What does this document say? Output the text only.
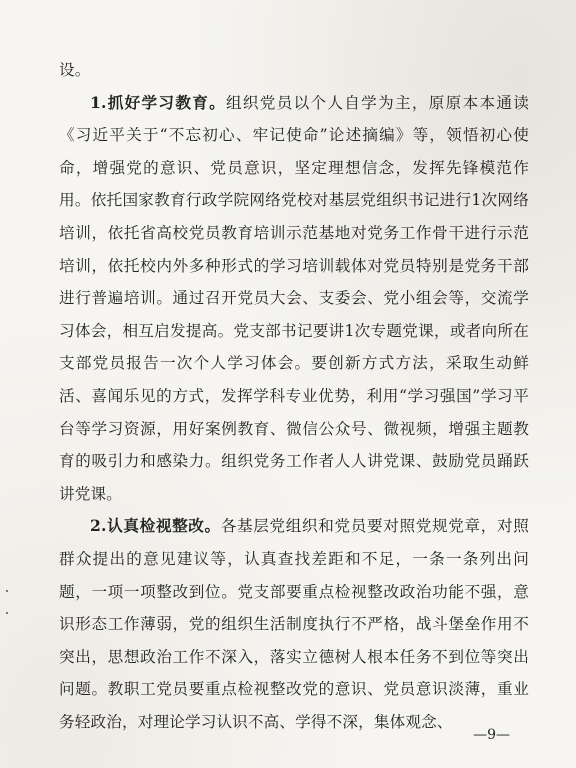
设。

1.抓好学习教育。组织党员以个人自学为主，原原本本通读《习近平关于“不忘初心、牢记使命”论述摘编》等，领悟初心使命，增强党的意识、党员意识，坚定理想信念，发挥先锋模范作用。依托国家教育行政学院网络党校对基层党组织书记进行1次网络培训，依托省高校党员教育培训示范基地对党务工作骨干进行示范培训，依托校内外多种形式的学习培训载体对党员特别是党务干部进行普遍培训。通过召开党员大会、支委会、党小组会等，交流学习体会，相互启发提高。党支部书记要讲1次专题党课，或者向所在支部党员报告一次个人学习体会。要创新方式方法，采取生动鲜活、喜闻乐见的方式，发挥学科专业优势，利用“学习强国”学习平台等学习资源，用好案例教育、微信公众号、微视频，增强主题教育的吸引力和感染力。组织党务工作者人人讲党课、鼓励党员踊跃讲党课。

2.认真检视整改。各基层党组织和党员要对照党规党章，对照群众提出的意见建议等，认真查找差距和不足，一条一条列出问题，一项一项整改到位。党支部要重点检视整改政治功能不强，意识形态工作薄弱，党的组织生活制度执行不严格，战斗堡垒作用不突出，思想政治工作不深入，落实立德树人根本任务不到位等突出问题。教职工党员要重点检视整改党的意识、党员意识淡薄，重业务轻政治，对理论学习认识不高、学得不深，集体观念、

—9—
